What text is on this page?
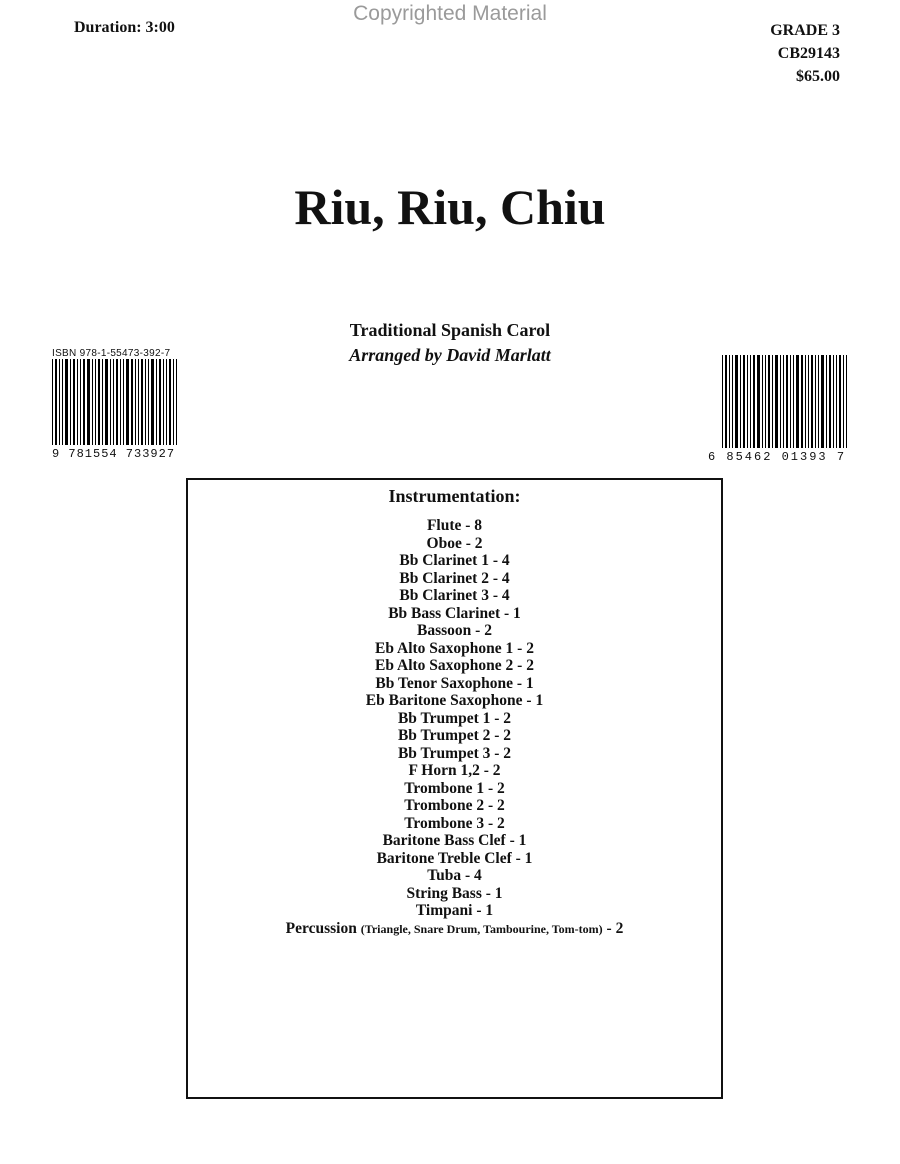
Copyrighted Material
Duration: 3:00	GRADE 3
CB29143
$65.00
Riu, Riu, Chiu
Traditional Spanish Carol
Arranged by David Marlatt
ISBN 978-1-55473-392-7
9 781554 733927	6 85462 01393 7
Instrumentation:
Flute - 8
Oboe - 2
Bb Clarinet 1 - 4
Bb Clarinet 2 - 4
Bb Clarinet 3 - 4
Bb Bass Clarinet - 1
Bassoon - 2
Eb Alto Saxophone 1 - 2
Eb Alto Saxophone 2 - 2
Bb Tenor Saxophone - 1
Eb Baritone Saxophone - 1
Bb Trumpet 1 - 2
Bb Trumpet 2 - 2
Bb Trumpet 3 - 2
F Horn 1,2 - 2
Trombone 1 - 2
Trombone 2 - 2
Trombone 3 - 2
Baritone Bass Clef - 1
Baritone Treble Clef - 1
Tuba - 4
String Bass - 1
Timpani - 1
Percussion (Triangle, Snare Drum, Tambourine, Tom-tom) - 2
